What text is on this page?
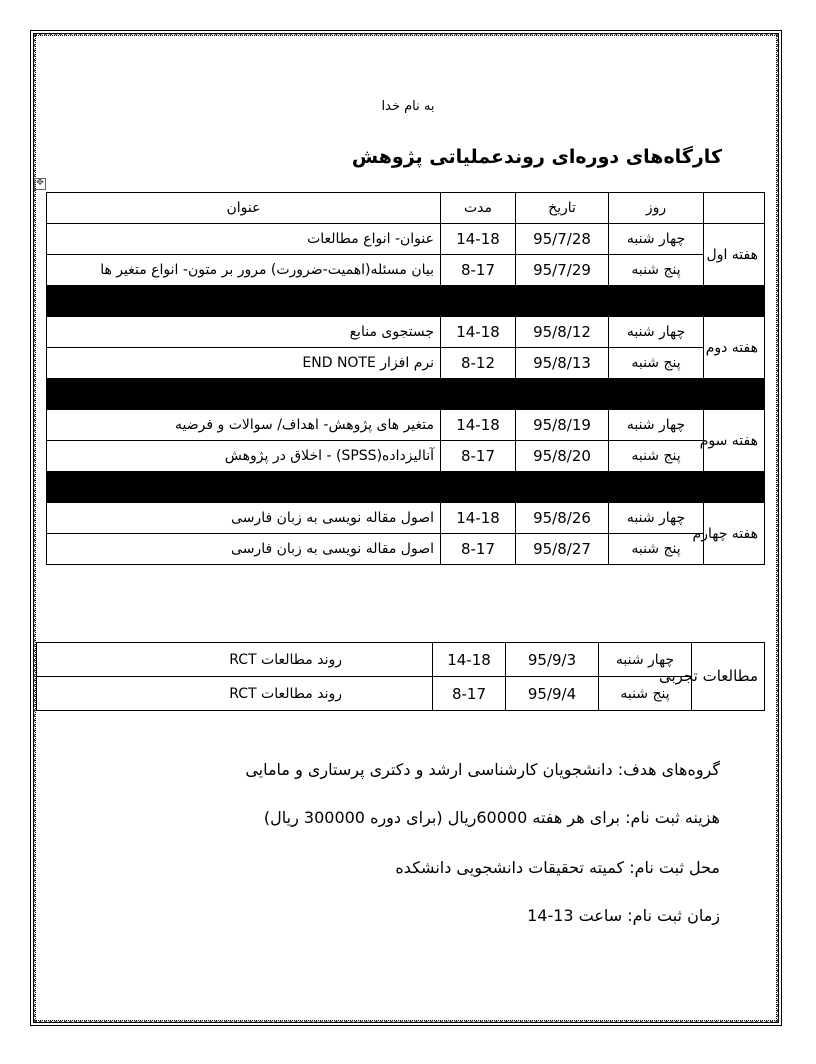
به نام خدا
کارگاه‌های دوره‌ای روندعملیاتی پژوهش
✥
	روز	تاریخ	مدت	عنوان
هفته اول	چهار شنبه	95/7/28	14-18	عنوان- انواع مطالعات
	پنج شنبه	95/7/29	8-17	بیان مسئله(اهمیت-ضرورت) مرور بر متون- انواع متغیر ها

هفته دوم	چهار شنبه	95/8/12	14-18	جستجوی منابع
	پنج شنبه	95/8/13	8-12	نرم افزار END NOTE

هفته سوم	چهار شنبه	95/8/19	14-18	متغیر های پژوهش- اهداف/ سوالات و فرضیه
	پنج شنبه	95/8/20	8-17	آنالیزداده(SPSS) - اخلاق در پژوهش

هفته چهارم	چهار شنبه	95/8/26	14-18	اصول مقاله نویسی به زبان فارسی
	پنج شنبه	95/8/27	8-17	اصول مقاله نویسی به زبان فارسی
مطالعات تجربی	چهار شنبه	95/9/3	14-18	روند مطالعات RCT
	پنج شنبه	95/9/4	8-17	روند مطالعات RCT
گروه‌های هدف: دانشجویان کارشناسی ارشد و دکتری پرستاری و مامایی
هزینه ثبت نام: برای هر هفته 60000ریال (برای دوره 300000 ریال)
محل ثبت نام: کمیته تحقیقات دانشجویی دانشکده
زمان ثبت نام: ساعت 13-14
